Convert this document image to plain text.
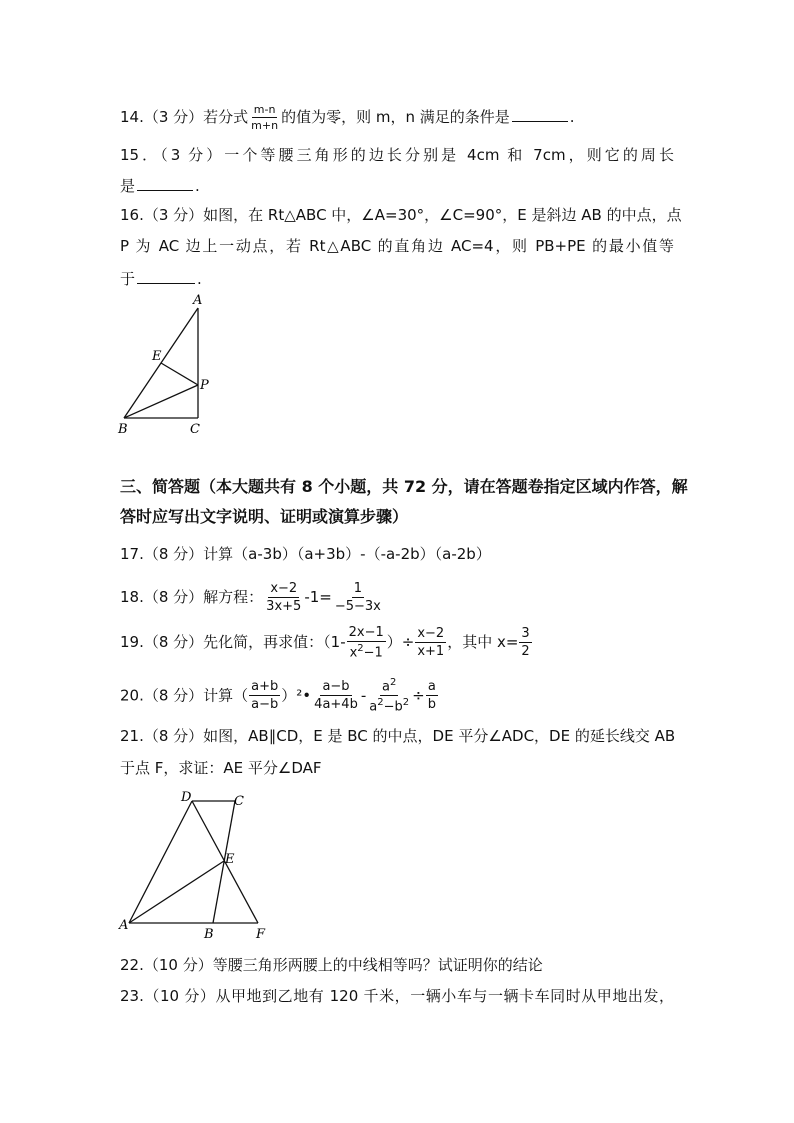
14.（3 分）若分式 $\frac{m-n}{m+n}$ 的值为零，则 m，n 满足的条件是	.
15．（3 分）一个等腰三角形的边长分别是 4cm 和 7cm，则它的周长
是	.
16.（3 分）如图，在 Rt△ABC 中，∠A=30°，∠C=90°，E 是斜边 AB 的中点，点
P 为 AC 边上一动点，若 Rt△ABC 的直角边 AC=4，则 PB+PE 的最小值等
于	.
A
E
P
B	C
三、简答题（本大题共有 8 个小题，共 72 分，请在答题卷指定区域内作答，解
答时应写出文字说明、证明或演算步骤）
17.（8 分）计算（a-3b）（a+3b）-（-a-2b）（a-2b）
18.（8 分）解方程： $\frac{x-2}{3x+5} -1= \frac{1}{-5-3x}$
19.（8 分）先化简，再求值：（$1- \frac{2x-1}{x^2-1}$ ）÷ $\frac{x-2}{x+1}$ ，其中 $x= \frac{3}{2}$
20.（8 分）计算（ $\frac{a+b}{a-b}$ ）²• $\frac{a-b}{4a+4b} - \frac{a^2}{a^2-b^2} \div \frac{a}{b}$
21.（8 分）如图，AB∥CD，E 是 BC 的中点，DE 平分∠ADC，DE 的延长线交 AB
于点 F，求证：AE 平分∠DAF
D	C
E
A
B	F
22.（10 分）等腰三角形两腰上的中线相等吗？试证明你的结论
23.（10 分）从甲地到乙地有 120 千米，一辆小车与一辆卡车同时从甲地出发，
